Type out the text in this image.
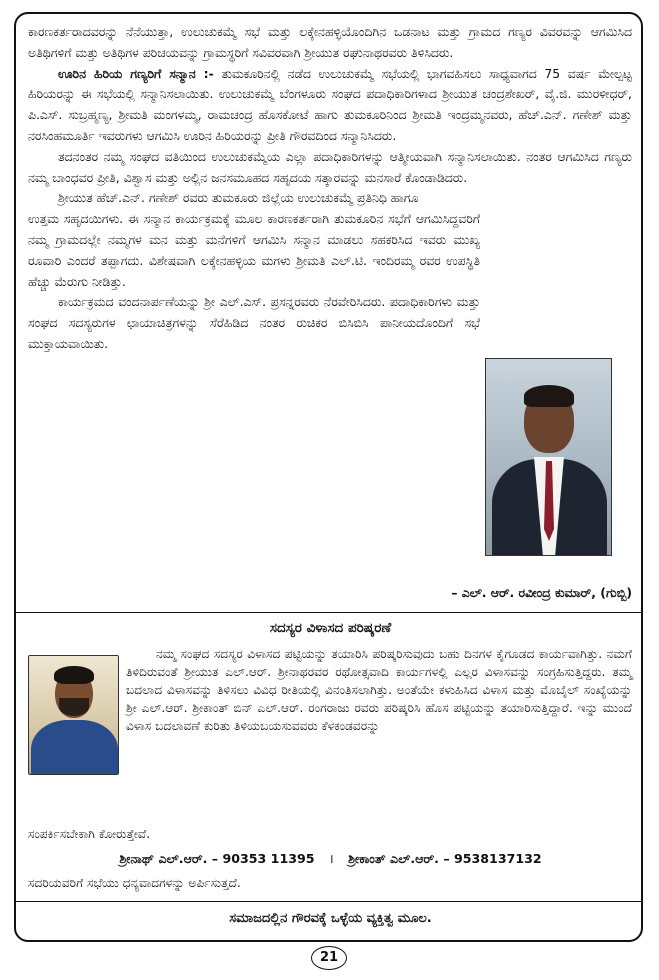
ಕಾರಣಕರ್ತರಾದವರನ್ನು ನೆನೆಯುತ್ತಾ, ಉಲುಚುಕಮ್ಮೆ ಸಭೆ ಮತ್ತು ಲಕ್ಕೇನಹಳ್ಳಿಯೊಂದಿಗಿನ ಒಡನಾಟ ಮತ್ತು ಗ್ರಾಮದ ಗಣ್ಯರ ವಿವರವನ್ನು ಆಗಮಿಸಿದ ಅತಿಥಿಗಳಿಗೆ ಮತ್ತು ಅತಿಥಿಗಳ ಪರಿಚಯವನ್ನು ಗ್ರಾಮಸ್ಥರಿಗೆ ಸವಿವರವಾಗಿ ಶ್ರೀಯುತ ರಘುನಾಥರವರು ತಿಳಿಸಿದರು.

ಊರಿನ ಹಿರಿಯ ಗಣ್ಯರಿಗೆ ಸನ್ಮಾನ :- ತುಮಕೂರಿನಲ್ಲಿ ನಡೆದ ಉಲುಚುಕಮ್ಮೆ ಸಭೆಯಲ್ಲಿ ಭಾಗವಹಿಸಲು ಸಾಧ್ಯವಾಗದ 75 ವರ್ಷ ಮೇಲ್ಪಟ್ಟ ಹಿರಿಯರನ್ನು ಈ ಸಭೆಯಲ್ಲಿ ಸನ್ಮಾನಿಸಲಾಯಿತು. ಉಲುಚುಕಮ್ಮೆ ಬೆಂಗಳೂರು ಸಂಘದ ಪದಾಧಿಕಾರಿಗಳಾದ ಶ್ರೀಯುತ ಚಂದ್ರಶೇಖರ್, ವೈ.ಜಿ. ಮುರಳೀಧರ್, ಪಿ.ಎಸ್. ಸುಬ್ರಹ್ಮಣ್ಯ, ಶ್ರೀಮತಿ ಮಂಗಳಮ್ಮ, ರಾಮಚಂದ್ರ ಹೊಸಕೋಟೆ ಹಾಗು ತುಮಕೂರಿನಿಂದ ಶ್ರೀಮತಿ ಇಂದ್ರಮ್ಮನವರು, ಹೆಚ್.ಎನ್. ಗಣೇಶ್ ಮತ್ತು ನರಸಿಂಹಮೂರ್ತಿ ಇವರುಗಳು ಆಗಮಿಸಿ ಊರಿನ ಹಿರಿಯರನ್ನು ಪ್ರೀತಿ ಗೌರವದಿಂದ ಸನ್ಮಾನಿಸಿದರು.

ತದನಂತರ ನಮ್ಮ ಸಂಘದ ವತಿಯಿಂದ ಉಲುಚುಕಮ್ಮೆಯ ಎಲ್ಲಾ ಪದಾಧಿಕಾರಿಗಳನ್ನು ಆತ್ಮೀಯವಾಗಿ ಸನ್ಮಾನಿಸಲಾಯಿತು. ನಂತರ ಆಗಮಿಸಿದ ಗಣ್ಯರು ನಮ್ಮ ಬಾಂಧವರ ಪ್ರೀತಿ, ವಿಶ್ವಾಸ ಮತ್ತು ಅಲ್ಲಿನ ಜನಸಮೂಹದ ಸಹೃದಯ ಸತ್ಕಾರವನ್ನು ಮನಸಾರೆ ಕೊಂಡಾಡಿದರು.

ಶ್ರೀಯುತ ಹೆಚ್.ಎನ್. ಗಣೇಶ್ ರವರು ತುಮಕೂರು ಜಿಲ್ಲೆಯ ಉಲುಚುಕಮ್ಮೆ ಪ್ರತಿನಿಧಿ ಹಾಗೂ

ಉತ್ತಮ ಸಹೃದಯಿಗಳು. ಈ ಸನ್ಮಾನ ಕಾರ್ಯಕ್ರಮಕ್ಕೆ ಮೂಲ ಕಾರಣಕರ್ತರಾಗಿ ತುಮಕೂರಿನ ಸಭೆಗೆ ಆಗಮಿಸಿದ್ದವರಿಗೆ ನಮ್ಮ ಗ್ರಾಮದಲ್ಲೇ ನಮ್ಮಗಳ ಮನ ಮತ್ತು ಮನೆಗಳಿಗೆ ಆಗಮಿಸಿ ಸನ್ಮಾನ ಮಾಡಲು ಸಹಕರಿಸಿದ ಇವರು ಮುಖ್ಯ ರೂವಾರಿ ಎಂದರೆ ತಪ್ಪಾಗದು. ವಿಶೇಷವಾಗಿ ಲಕ್ಕೇನಹಳ್ಳಿಯ ಮಗಳು ಶ್ರೀಮತಿ ಎಲ್.ಟಿ. ಇಂದಿರಮ್ಮ ರವರ ಉಪಸ್ಥಿತಿ ಹೆಚ್ಚು ಮೆರುಗು ನೀಡಿತ್ತು.

ಕಾರ್ಯಕ್ರಮದ ವಂದನಾರ್ಪಣೆಯನ್ನು ಶ್ರೀ ಎಲ್.ಎಸ್. ಪ್ರಸನ್ನರವರು ನೆರವೇರಿಸಿದರು. ಪದಾಧಿಕಾರಿಗಳು ಮತ್ತು ಸಂಘದ ಸದಸ್ಯರುಗಳ ಛಾಯಾಚಿತ್ರಗಳನ್ನು ಸೆರೆಹಿಡಿದ ನಂತರ ರುಚಿಕರ ಬಿಸಿಬಿಸಿ ಪಾನೀಯದೊಂದಿಗೆ ಸಭೆ ಮುಕ್ತಾಯವಾಯಿತು.

– ಎಲ್. ಆರ್. ರವೀಂದ್ರ ಕುಮಾರ್, (ಗುಬ್ಬಿ)
ಸದಸ್ಯರ ವಿಳಾಸದ ಪರಿಷ್ಕರಣೆ

ನಮ್ಮ ಸಂಘದ ಸದಸ್ಯರ ವಿಳಾಸದ ಪಟ್ಟಿಯನ್ನು ತಯಾರಿಸಿ ಪರಿಷ್ಕರಿಸುವುದು ಬಹು ದಿನಗಳ ಕೈಗೂಡದ ಕಾರ್ಯವಾಗಿತ್ತು. ನಮಗೆ ತಿಳಿದಿರುವಂತೆ ಶ್ರೀಯುತ ಎಲ್.ಆರ್. ಶ್ರೀನಾಥರವರ ರಥೋತ್ಸವಾದಿ ಕಾರ್ಯಗಳಲ್ಲಿ ಎಲ್ಲರ ವಿಳಾಸವನ್ನು ಸಂಗ್ರಹಿಸುತ್ತಿದ್ದರು. ತಮ್ಮ ಬದಲಾದ ವಿಳಾಸವನ್ನು ತಿಳಿಸಲು ವಿವಿಧ ರೀತಿಯಲ್ಲಿ ವಿನಂತಿಸಲಾಗಿತ್ತು. ಅಂತೆಯೇ ಕಳುಹಿಸಿದ ವಿಳಾಸ ಮತ್ತು ಮೊಬೈಲ್ ಸಂಖ್ಯೆಯನ್ನು ಶ್ರೀ ಎಲ್.ಆರ್. ಶ್ರೀಕಾಂತ್ ಬಿನ್ ಎಲ್.ಆರ್. ರಂಗರಾಜು ರವರು ಪರಿಷ್ಕರಿಸಿ ಹೊಸ ಪಟ್ಟಿಯನ್ನು ತಯಾರಿಸುತ್ತಿದ್ದಾರೆ. ಇನ್ನು ಮುಂದೆ ವಿಳಾಸ ಬದಲಾವಣೆ ಕುರಿತು ತಿಳಿಯಬಯಸುವವರು ಕೆಳಕಂಡವರನ್ನು

ಸಂಪರ್ಕಿಸಬೇಕಾಗಿ ಕೋರುತ್ತೇವೆ.

ಶ್ರೀನಾಥ್ ಎಲ್.ಆರ್. – 90353 11395 । ಶ್ರೀಕಾಂತ್ ಎಲ್.ಆರ್. – 9538137132
ಸದರಿಯವರಿಗೆ ಸಭೆಯು ಧನ್ಯವಾದಗಳನ್ನು ಅರ್ಪಿಸುತ್ತದೆ.
ಸಮಾಜದಲ್ಲಿನ ಗೌರವಕ್ಕೆ ಒಳ್ಳೆಯ ವ್ಯಕ್ತಿತ್ವ ಮೂಲ.
21
